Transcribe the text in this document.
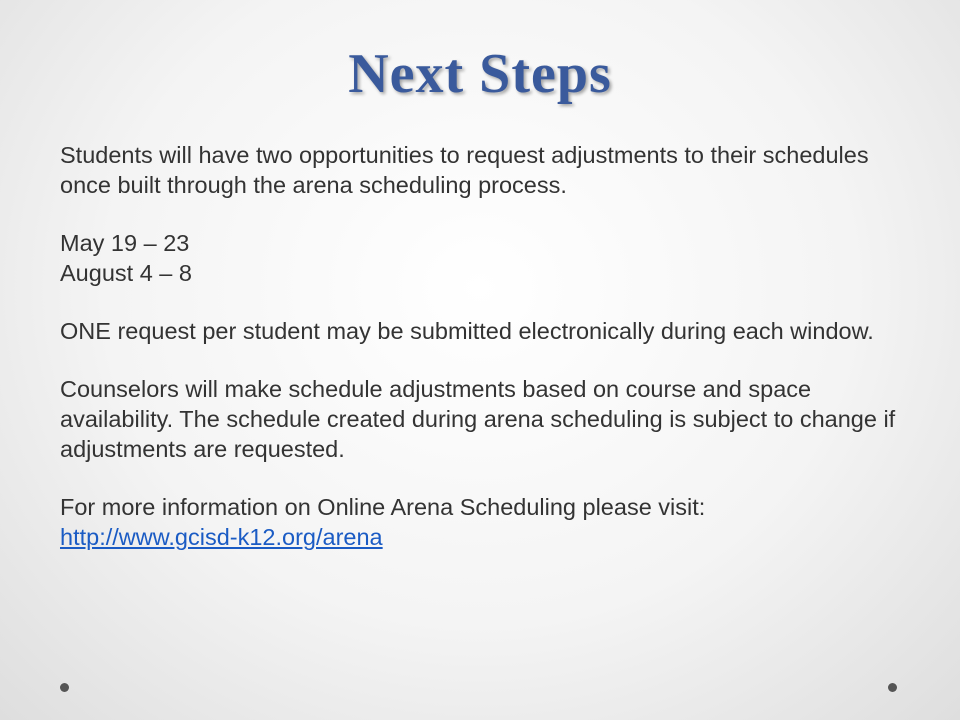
Next Steps

Students will have two opportunities to request adjustments to their schedules once built through the arena scheduling process.

May 19 – 23
August 4 – 8

ONE request per student may be submitted electronically during each window.

Counselors will make schedule adjustments based on course and space availability. The schedule created during arena scheduling is subject to change if adjustments are requested.

For more information on Online Arena Scheduling please visit:
http://www.gcisd-k12.org/arena
